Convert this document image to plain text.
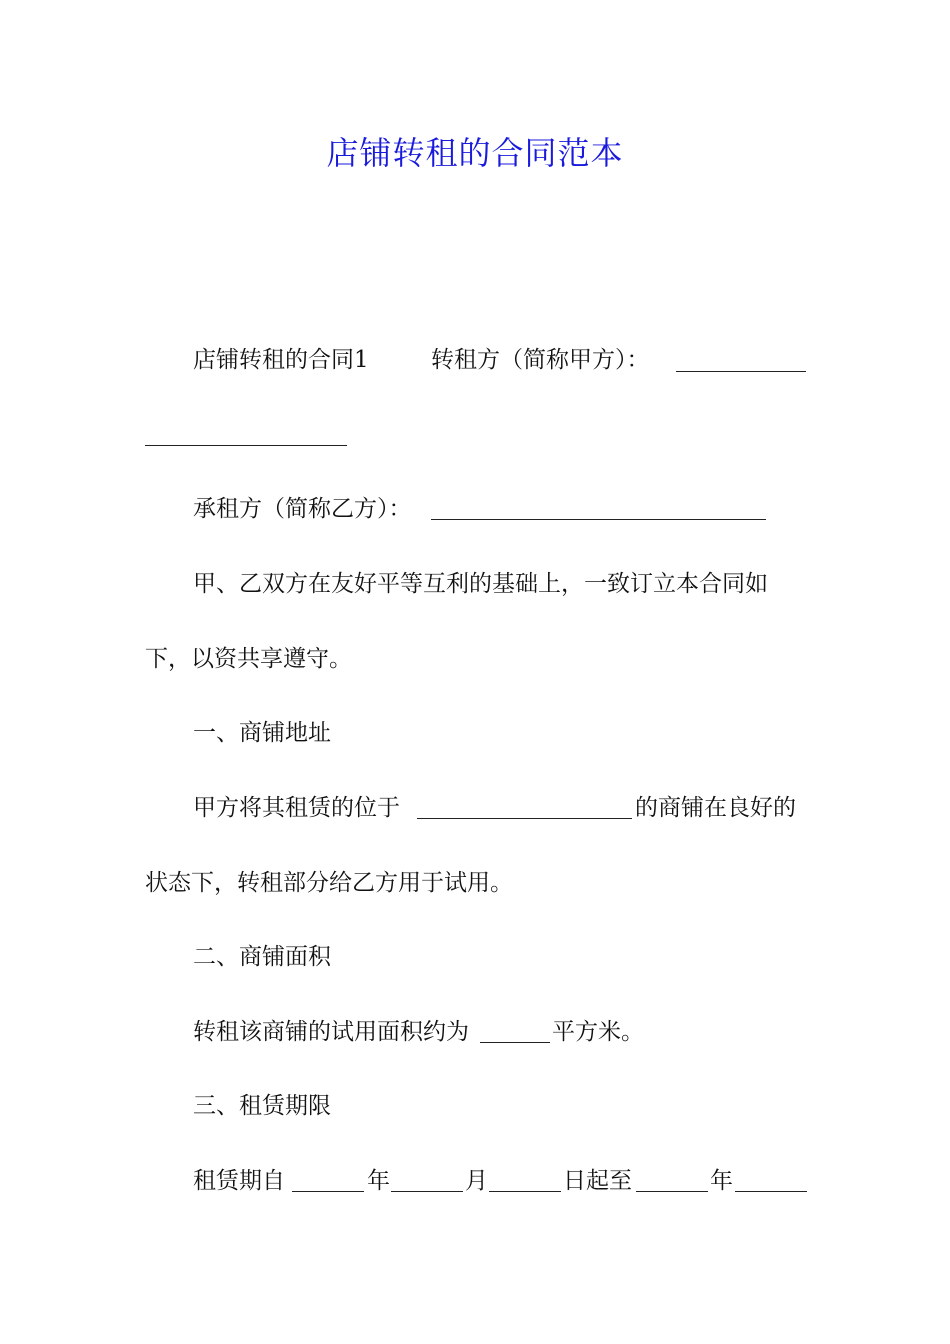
店铺转租的合同范本
店铺转租的合同1	转租方（简称甲方）：
承租方（简称乙方）：
甲、乙双方在友好平等互利的基础上，一致订立本合同如
下，以资共享遵守。
一、商铺地址
甲方将其租赁的位于	的商铺在良好的
状态下，转租部分给乙方用于试用。
二、商铺面积
转租该商铺的试用面积约为	平方米。
三、租赁期限
租赁期自	年	月	日起至	年
